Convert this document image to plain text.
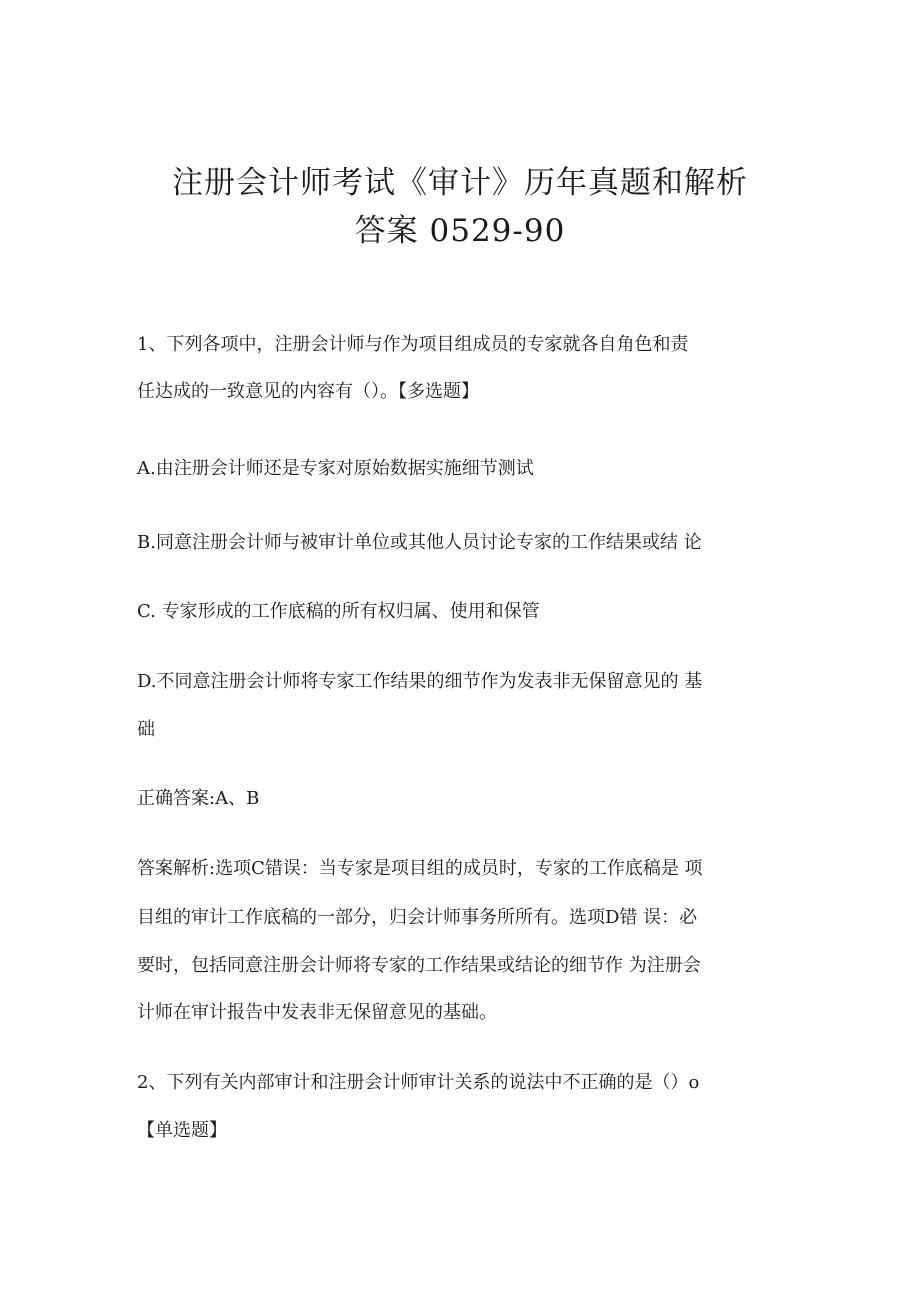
注册会计师考试《审计》历年真题和解析
答案 0529-90
1、下列各项中，注册会计师与作为项目组成员的专家就各自角色和责
任达成的一致意见的内容有（）。【多选题】
A.由注册会计师还是专家对原始数据实施细节测试
B.同意注册会计师与被审计单位或其他人员讨论专家的工作结果或结 论
C. 专家形成的工作底稿的所有权归属、使用和保管
D.不同意注册会计师将专家工作结果的细节作为发表非无保留意见的 基
础
正确答案:A、B
答案解析:选项C错误：当专家是项目组的成员时，专家的工作底稿是 项
目组的审计工作底稿的一部分，归会计师事务所所有。选项D错 误：必
要时，包括同意注册会计师将专家的工作结果或结论的细节作 为注册会
计师在审计报告中发表非无保留意见的基础。
2、下列有关内部审计和注册会计师审计关系的说法中不正确的是（）o
【单选题】
